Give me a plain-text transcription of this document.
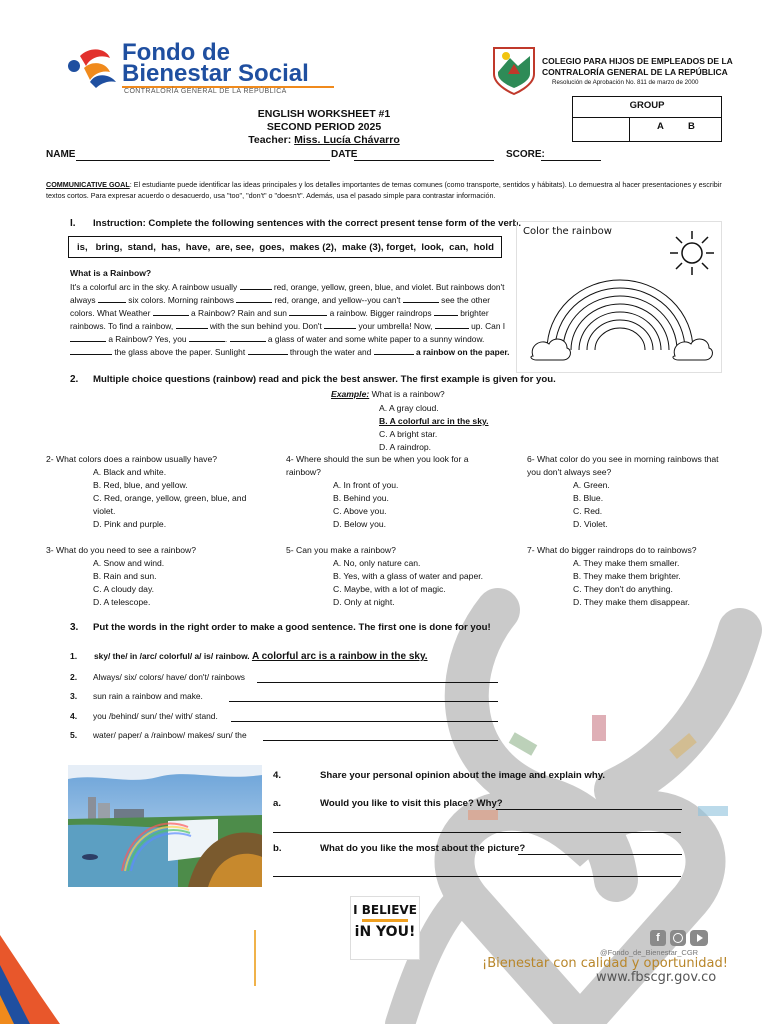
Fondo de
Bienestar Social
CONTRALORÍA GENERAL DE LA REPÚBLICA
COLEGIO PARA HIJOS DE EMPLEADOS DE LA
CONTRALORÍA GENERAL DE LA REPÚBLICA
Resolución de Aprobación No. 811 de marzo de 2000
GROUP
A	B
ENGLISH WORKSHEET #1
SECOND PERIOD 2025
Teacher: Miss. Lucía Chávarro
NAME	DATE	SCORE:
COMMUNICATIVE GOAL: El estudiante puede identificar las ideas principales y los detalles importantes de temas comunes (como transporte, sentidos y hábitats). Lo demuestra al hacer presentaciones y escribir textos cortos. Para expresar acuerdo o desacuerdo, usa "too", "don't" o "doesn't". Además, usa el pasado simple para contrastar información.
I. Instruction: Complete the following sentences with the correct present tense form of the verb.
is,   bring,  stand,  has,  have,  are, see,  goes,  makes (2),  make (3), forget,  look,  can,  hold
What is a Rainbow?
It's a colorful arc in the sky. A rainbow usually	red, orange, yellow, green, blue, and violet. But rainbows don't
always	six colors. Morning rainbows	red, orange, and yellow--you can't	see the other
colors. What Weather	a Rainbow? Rain and sun	a rainbow. Bigger raindrops	brighter
rainbows. To find a rainbow,	with the sun behind you. Don't	your umbrella! Now,	up. Can I
a Rainbow? Yes, you	.	a glass of water and some white paper to a sunny window.
the glass above the paper. Sunlight	through the water and	a rainbow on the paper.
Color the rainbow
2. Multiple choice questions (rainbow) read and pick the best answer. The first example is given for you.
Example: What is a rainbow?
A. A gray cloud.
B. A colorful arc in the sky.
C. A bright star.
D. A raindrop.
2- What colors does a rainbow usually have?
A. Black and white.
B. Red, blue, and yellow.
C. Red, orange, yellow, green, blue, and
violet.
D. Pink and purple.
4- Where should the sun be when you look for a
rainbow?
A. In front of you.
B. Behind you.
C. Above you.
D. Below you.
6- What color do you see in morning rainbows that
you don't always see?
A. Green.
B. Blue.
C. Red.
D. Violet.
3- What do you need to see a rainbow?
A. Snow and wind.
B. Rain and sun.
C. A cloudy day.
D. A telescope.
5- Can you make a rainbow?
A. No, only nature can.
B. Yes, with a glass of water and paper.
C. Maybe, with a lot of magic.
D. Only at night.
7- What do bigger raindrops do to rainbows?
A. They make them smaller.
B. They make them brighter.
C. They don't do anything.
D. They make them disappear.
3. Put the words in the right order to make a good sentence. The first one is done for you!
1. sky/ the/ in /arc/ colorful/ a/ is/ rainbow. A colorful arc is a rainbow in the sky.
2. Always/ six/ colors/ have/ don't/ rainbows
3. sun rain a rainbow and make.
4. you /behind/ sun/ the/ with/ stand.
5. water/ paper/ a /rainbow/ makes/ sun/ the
4.	Share your personal opinion about the image and explain why.
a.	Would you like to visit this place? Why?
b.	What do you like the most about the picture?
I BELIEVE
iN YOU!	f
@Fondo_de_Bienestar_CGR
¡Bienestar con calidad y oportunidad!
www.fbscgr.gov.co
